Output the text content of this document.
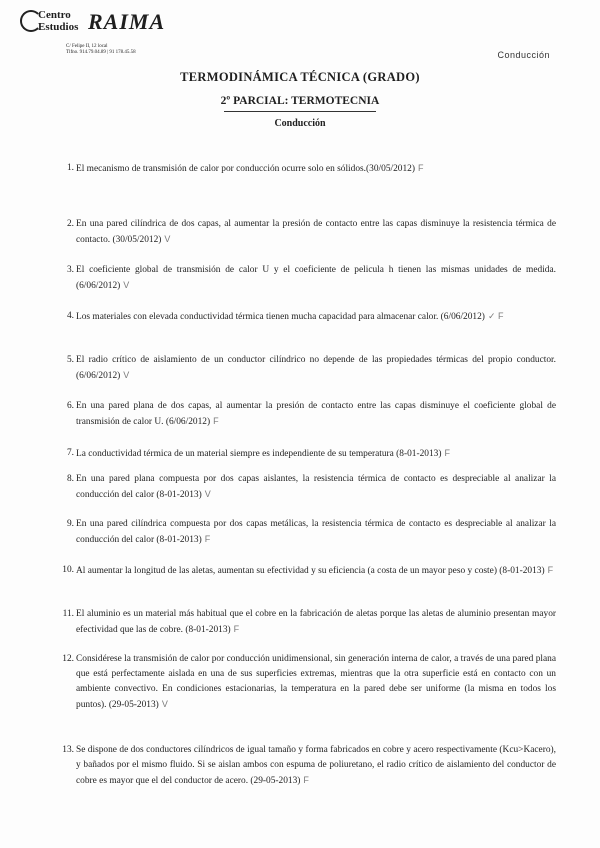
Centro
Estudios RAIMA
C/ Felipe II, 12 local
Tlfno. 914.79.04.89 | 91 178.45.58	Conducción
TERMODINÁMICA TÉCNICA (GRADO)
2º PARCIAL: TERMOTECNIA
Conducción
1. El mecanismo de transmisión de calor por conducción ocurre solo en sólidos.(30/05/2012) F
2. En una pared cilíndrica de dos capas, al aumentar la presión de contacto entre las capas disminuye la resistencia térmica de contacto. (30/05/2012) V
3. El coeficiente global de transmisión de calor U y el coeficiente de pelicula h tienen las mismas unidades de medida. (6/06/2012) V
4. Los materiales con elevada conductividad térmica tienen mucha capacidad para almacenar calor. (6/06/2012) ✓ F
5. El radio crítico de aislamiento de un conductor cilíndrico no depende de las propiedades térmicas del propio conductor. (6/06/2012) V
6. En una pared plana de dos capas, al aumentar la presión de contacto entre las capas disminuye el coeficiente global de transmisión de calor U. (6/06/2012) F
7. La conductividad térmica de un material siempre es independiente de su temperatura (8-01-2013) F
8. En una pared plana compuesta por dos capas aislantes, la resistencia térmica de contacto es despreciable al analizar la conducción del calor (8-01-2013) V
9. En una pared cilíndrica compuesta por dos capas metálicas, la resistencia térmica de contacto es despreciable al analizar la conducción del calor (8-01-2013) F
10. Al aumentar la longitud de las aletas, aumentan su efectividad y su eficiencia (a costa de un mayor peso y coste) (8-01-2013) F
11. El aluminio es un material más habitual que el cobre en la fabricación de aletas porque las aletas de aluminio presentan mayor efectividad que las de cobre. (8-01-2013) F
12. Considérese la transmisión de calor por conducción unidimensional, sin generación interna de calor, a través de una pared plana que está perfectamente aislada en una de sus superficies extremas, mientras que la otra superficie está en contacto con un ambiente convectivo. En condiciones estacionarias, la temperatura en la pared debe ser uniforme (la misma en todos los puntos). (29-05-2013) V
13. Se dispone de dos conductores cilíndricos de igual tamaño y forma fabricados en cobre y acero respectivamente (Kcu>Kacero), y bañados por el mismo fluido. Si se aislan ambos con espuma de poliuretano, el radio crítico de aislamiento del conductor de cobre es mayor que el del conductor de acero. (29-05-2013) F
